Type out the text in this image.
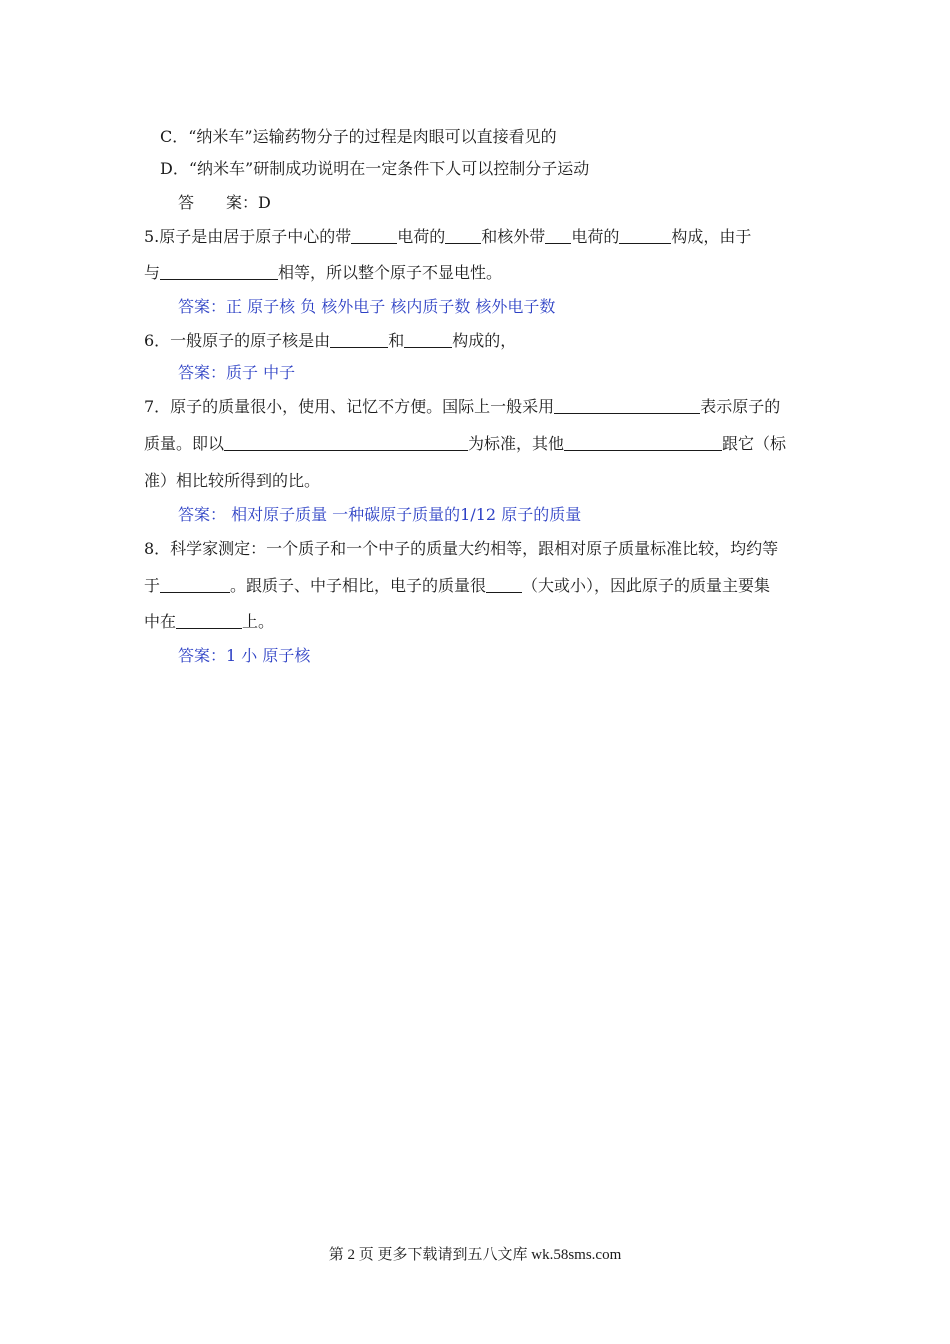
C．“纳米车”运输药物分子的过程是肉眼可以直接看见的
D．“纳米车”研制成功说明在一定条件下人可以控制分子运动
答　　案：D
5.原子是由居于原子中心的带	电荷的 和核外带 电荷的	构成，由于
与	相等，所以整个原子不显电性。
答案：正 原子核 负 核外电子 核内质子数 核外电子数
6．一般原子的原子核是由	和	构成的，
答案：质子 中子
7．原子的质量很小，使用、记忆不方便。国际上一般采用	表示原子的
质量。即以	为标准，其他	跟它（标
准）相比较所得到的比。
答案： 相对原子质量 一种碳原子质量的1/12 原子的质量
8．科学家测定：一个质子和一个中子的质量大约相等，跟相对原子质量标准比较，均约等
于	。跟质子、中子相比，电子的质量很 （大或小），因此原子的质量主要集
中在	上。
答案：1 小 原子核
第 2 页 更多下载请到五八文库 wk.58sms.com
